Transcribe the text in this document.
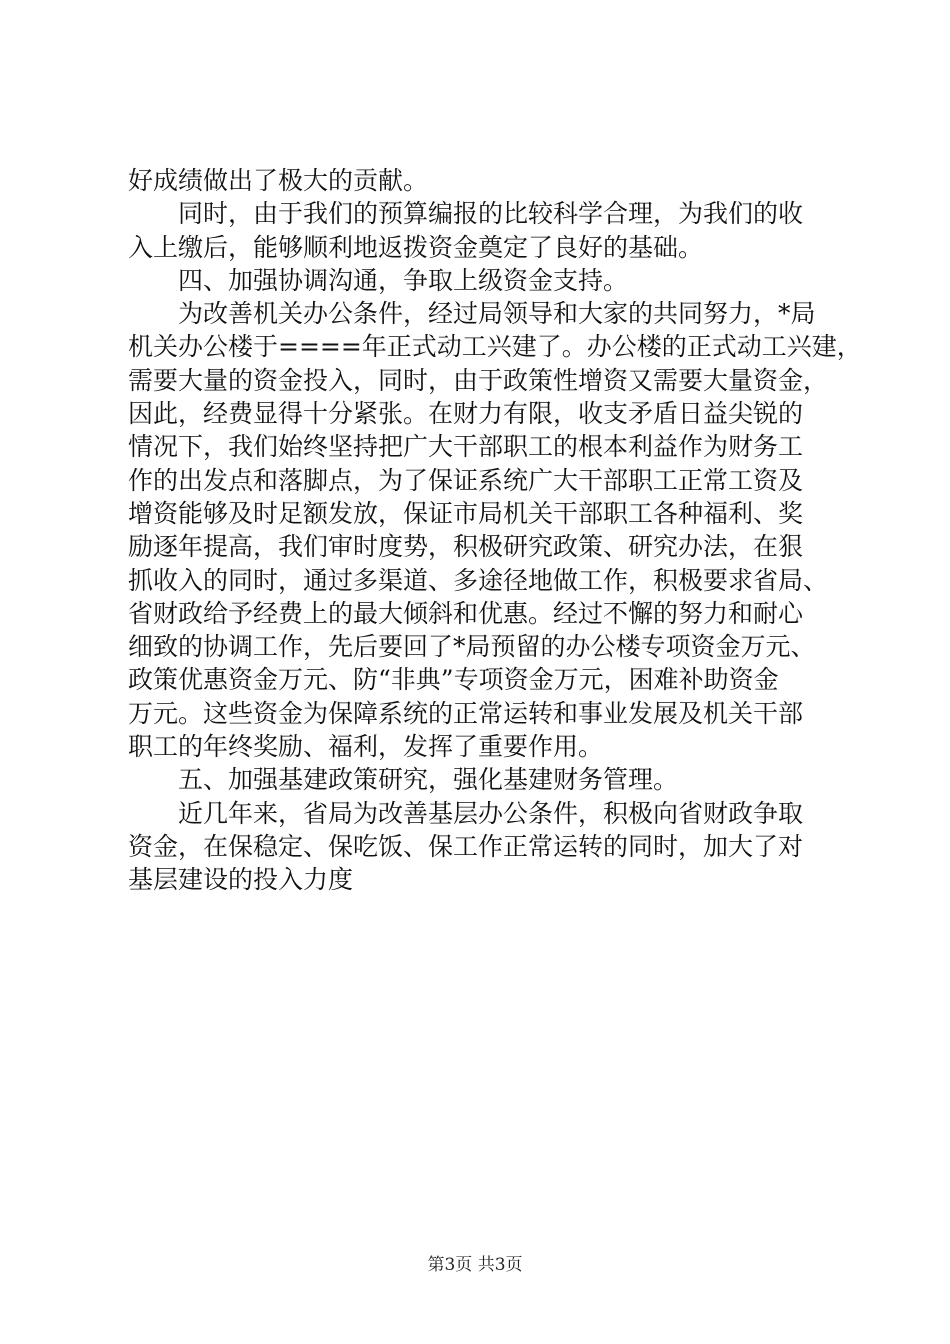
好成绩做出了极大的贡献。
　　同时，由于我们的预算编报的比较科学合理，为我们的收
入上缴后，能够顺利地返拨资金奠定了良好的基础。
　　四、加强协调沟通，争取上级资金支持。
　　为改善机关办公条件，经过局领导和大家的共同努力，*局
机关办公楼于====年正式动工兴建了。办公楼的正式动工兴建，
需要大量的资金投入，同时，由于政策性增资又需要大量资金，
因此，经费显得十分紧张。在财力有限，收支矛盾日益尖锐的
情况下，我们始终坚持把广大干部职工的根本利益作为财务工
作的出发点和落脚点，为了保证系统广大干部职工正常工资及
增资能够及时足额发放，保证市局机关干部职工各种福利、奖
励逐年提高，我们审时度势，积极研究政策、研究办法，在狠
抓收入的同时，通过多渠道、多途径地做工作，积极要求省局、
省财政给予经费上的最大倾斜和优惠。经过不懈的努力和耐心
细致的协调工作，先后要回了*局预留的办公楼专项资金万元、
政策优惠资金万元、防“非典”专项资金万元，困难补助资金
万元。这些资金为保障系统的正常运转和事业发展及机关干部
职工的年终奖励、福利，发挥了重要作用。
　　五、加强基建政策研究，强化基建财务管理。
　　近几年来，省局为改善基层办公条件，积极向省财政争取
资金，在保稳定、保吃饭、保工作正常运转的同时，加大了对
基层建设的投入力度
第3页 共3页
